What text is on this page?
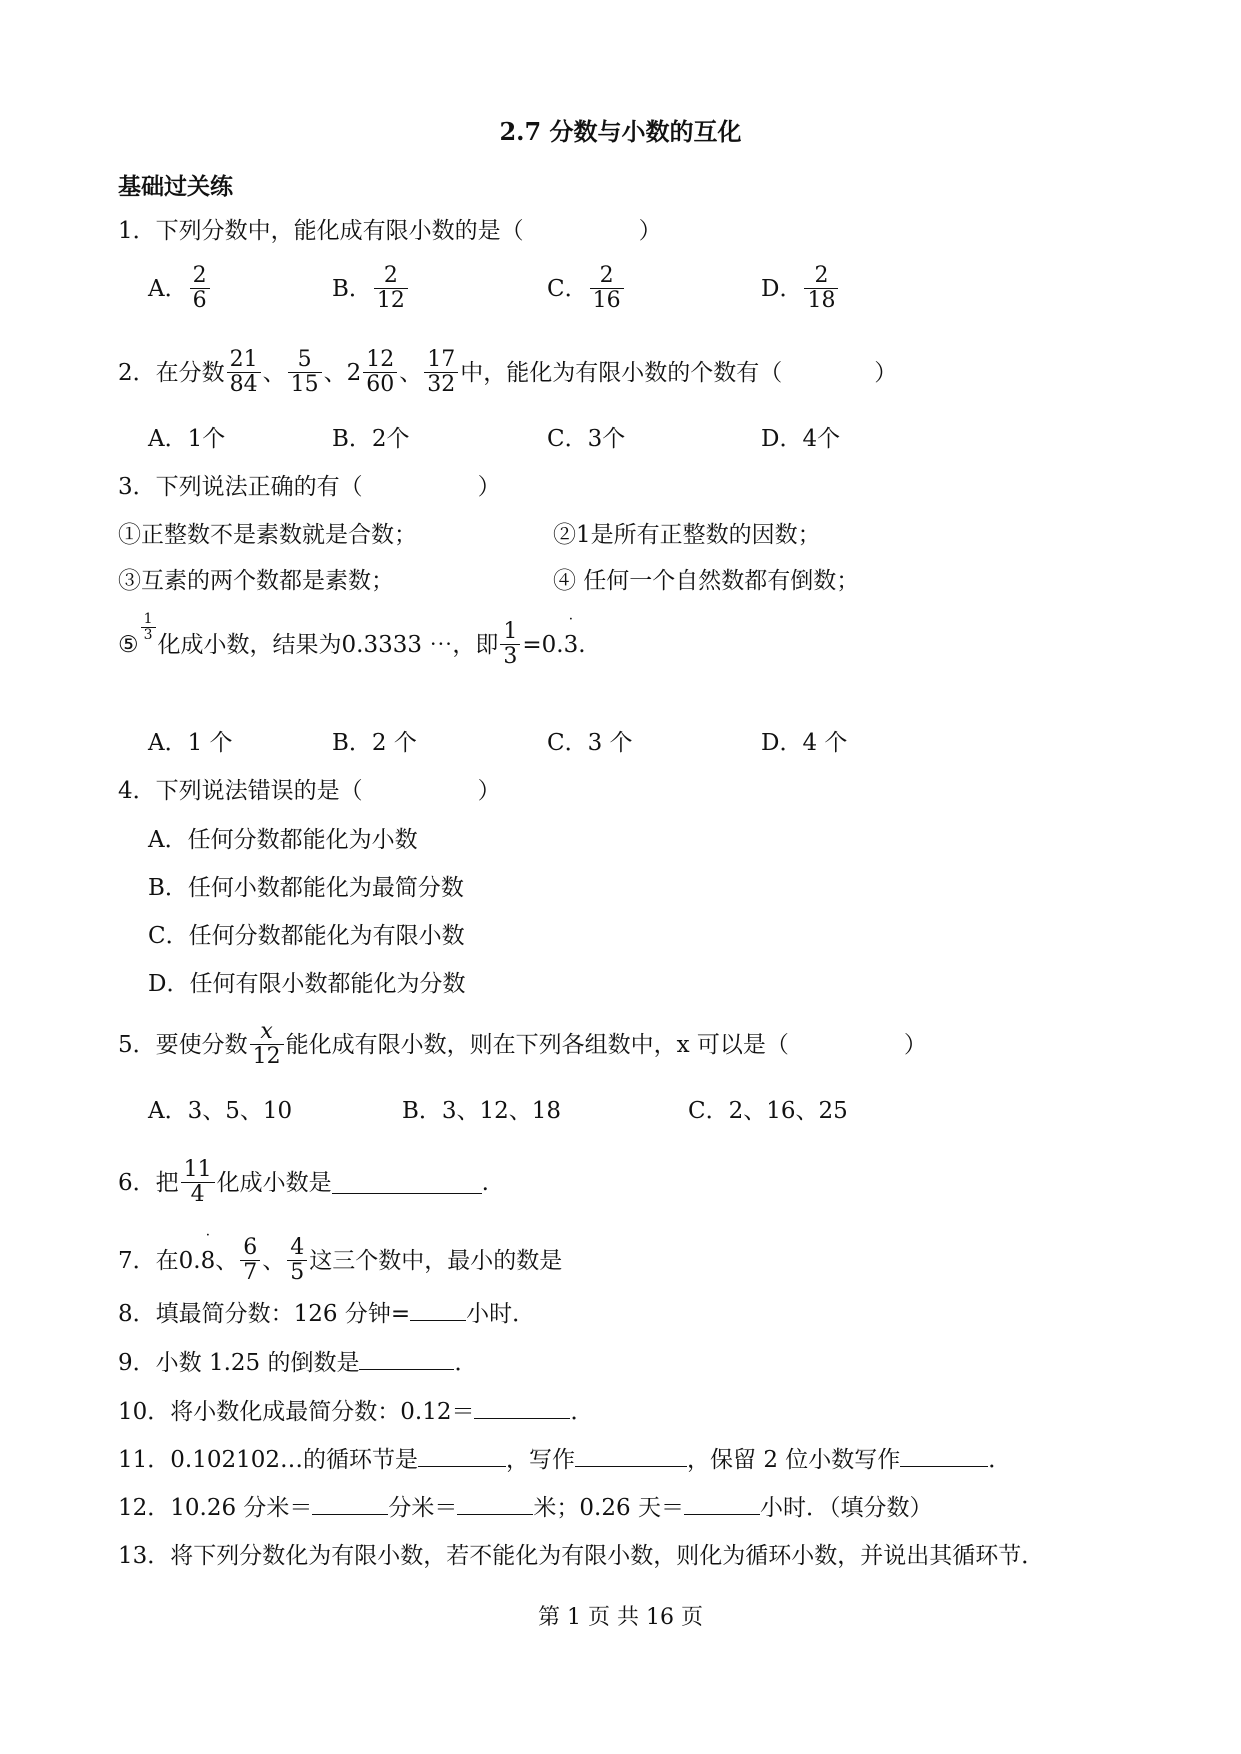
2.7 分数与小数的互化
基础过关练
1．下列分数中，能化成有限小数的是（　　　　　）
A． $\frac{2}{6}$	B． $\frac{2}{12}$	C． $\frac{2}{16}$	D． $\frac{2}{18}$
2．在分数 $\frac{21}{84}$ 、 $\frac{5}{15}$ 、 $2 \frac{12}{60}$ 、 $\frac{17}{32}$ 中，能化为有限小数的个数有（　　　　）
A．1个	B．2个	C．3个	D．4个
3．下列说法正确的有（　　　　　）
①正整数不是素数就是合数；	②1是所有正整数的因数；
③互素的两个数都是素数；	④ 任何一个自然数都有倒数；
⑤
$\frac{1}{3}$
化成小数，结果为0.3333 ⋯，即 $\frac{1}{3} =0$.
˙
3 .
A．1 个	B．2 个	C．3 个	D．4 个
4．下列说法错误的是（　　　　　）
A．任何分数都能化为小数
B．任何小数都能化为最简分数
C．任何分数都能化为有限小数
D．任何有限小数都能化为分数
5．要使分数 $\frac{x}{12}$ 能化成有限小数，则在下列各组数中，x 可以是（　　　　　）
A．3、5、10	B．3、12、18	C．2、16、25
6．把 $\frac{11}{4}$ 化成小数是	.
7．在0.
˙
8 、 $\frac{6}{7}$ 、 $\frac{4}{5}$ 这三个数中，最小的数是
8．填最简分数：126 分钟= 小时．
9．小数 1.25 的倒数是	．
10．将小数化成最简分数：0.12＝	．
11．0.102102…的循环节是	，写作	，保留 2 位小数写作	．
12．10.26 分米＝	分米＝	米；0.26 天＝	小时．（填分数）
13．将下列分数化为有限小数，若不能化为有限小数，则化为循环小数，并说出其循环节．
第 1 页 共 16 页
